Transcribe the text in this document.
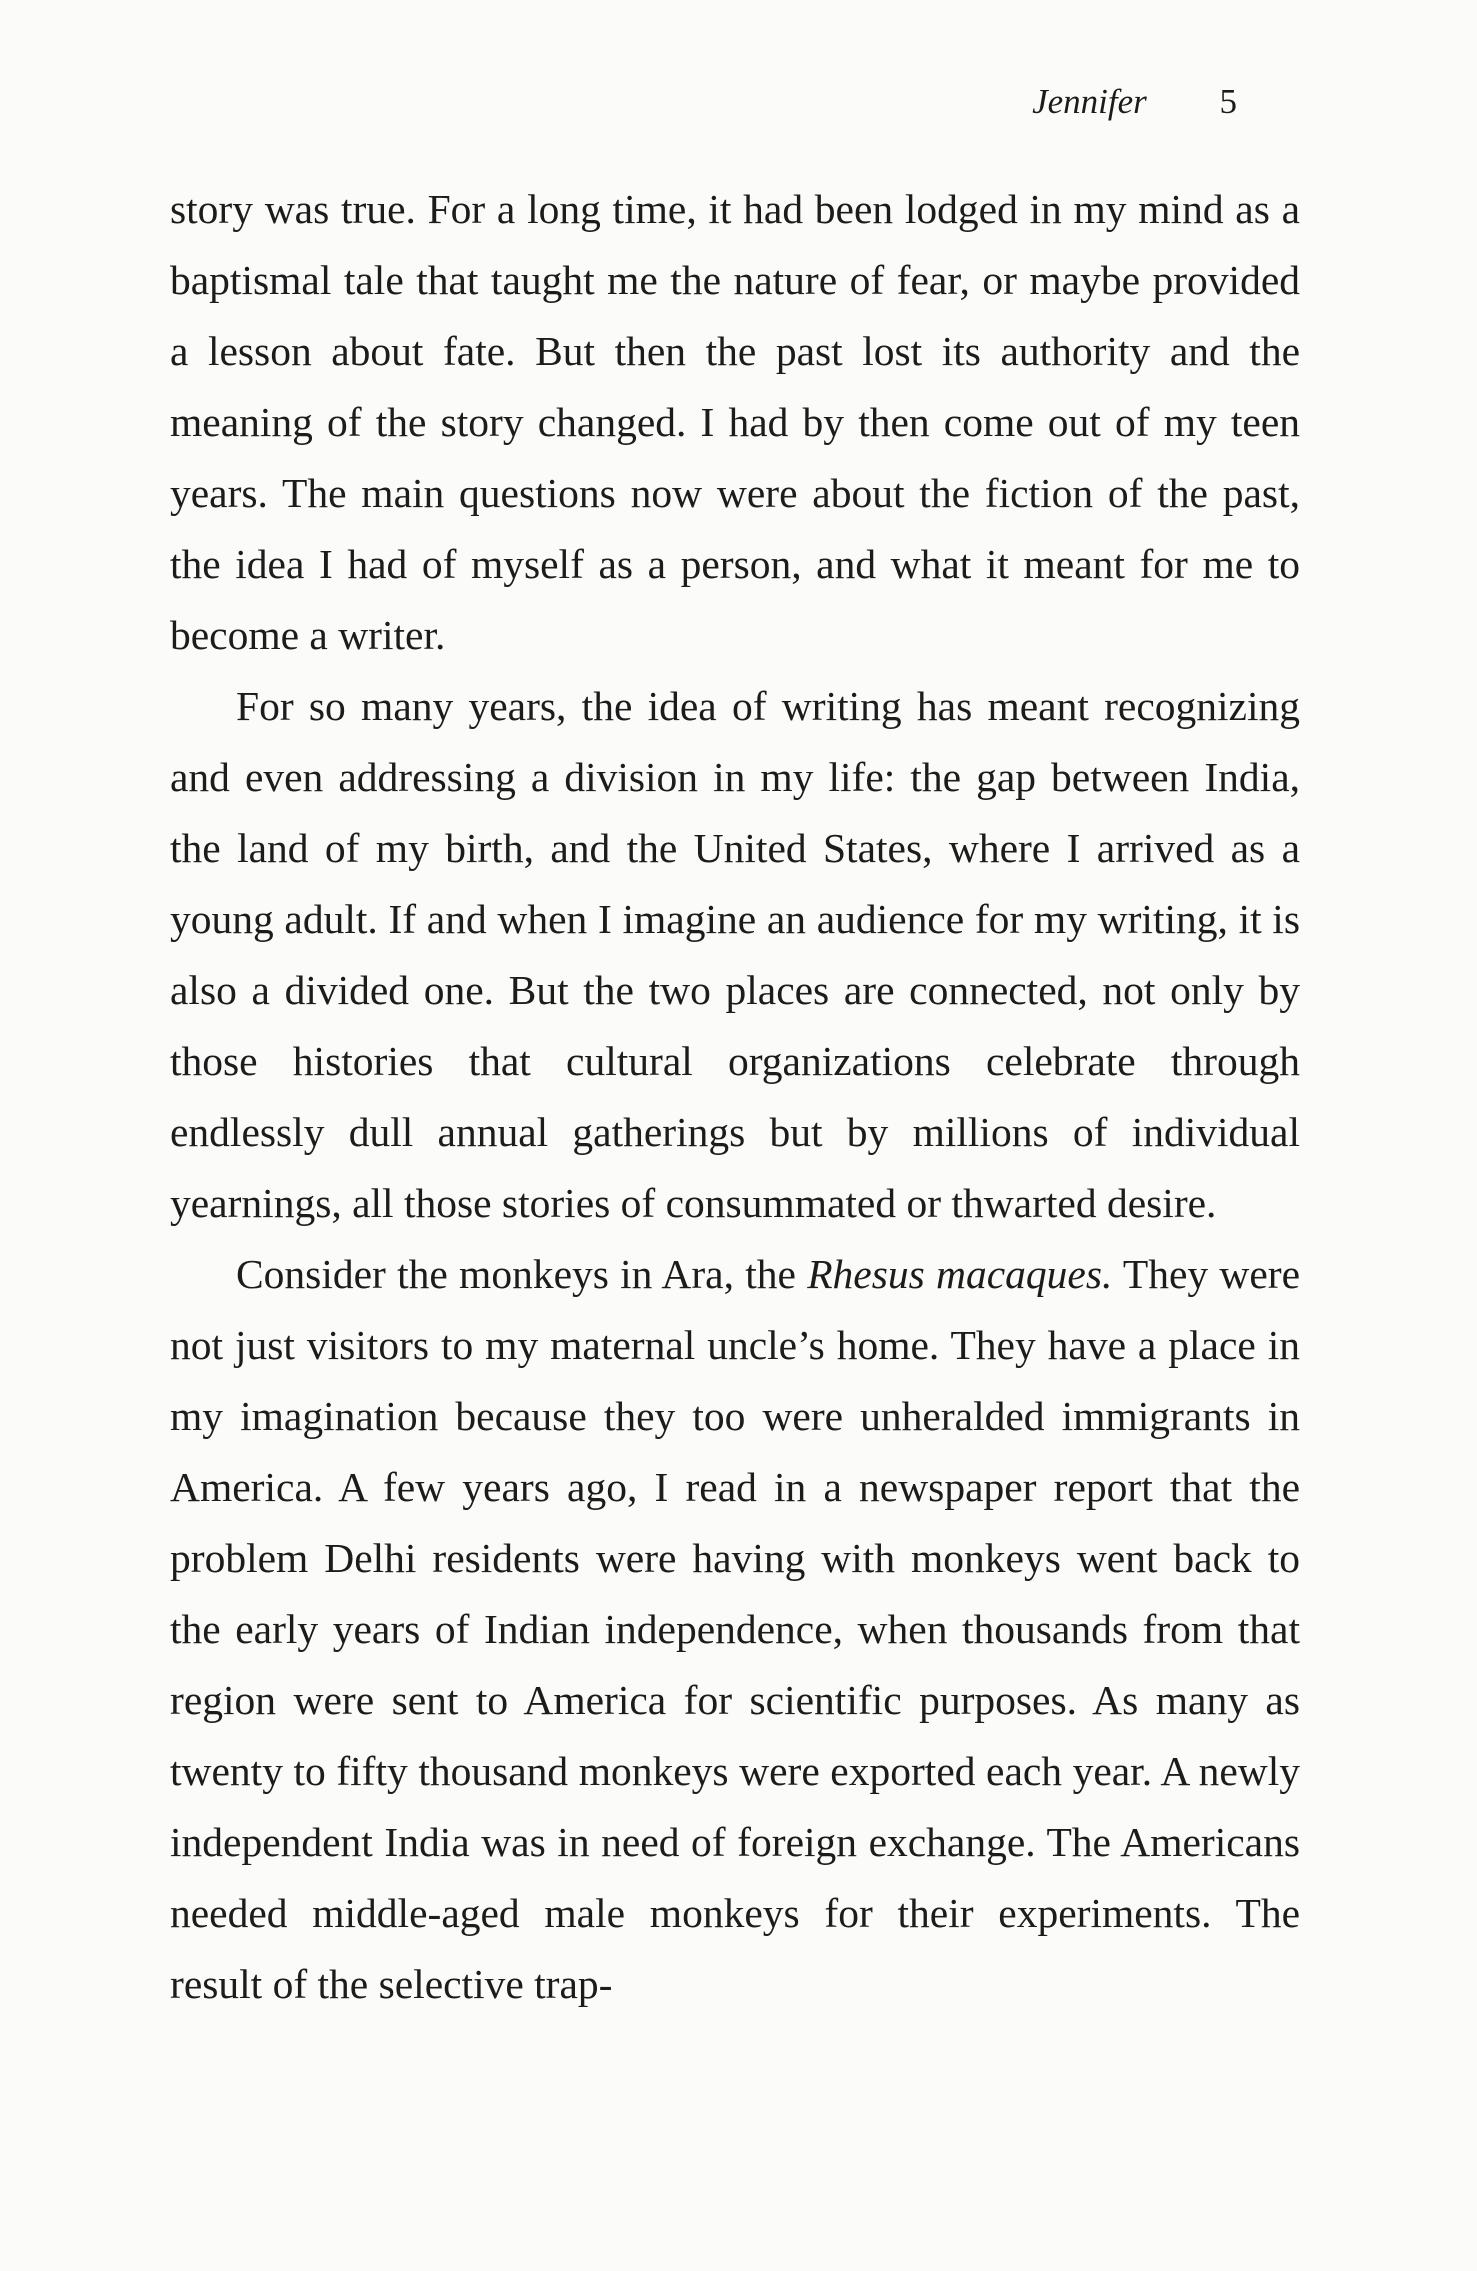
Jennifer 5

story was true. For a long time, it had been lodged in my mind as a baptismal tale that taught me the nature of fear, or maybe provided a lesson about fate. But then the past lost its authority and the meaning of the story changed. I had by then come out of my teen years. The main questions now were about the fiction of the past, the idea I had of myself as a person, and what it meant for me to become a writer.

For so many years, the idea of writing has meant recognizing and even addressing a division in my life: the gap between India, the land of my birth, and the United States, where I arrived as a young adult. If and when I imagine an audience for my writing, it is also a divided one. But the two places are connected, not only by those histories that cultural organizations celebrate through endlessly dull annual gatherings but by millions of individual yearnings, all those stories of consummated or thwarted desire.

Consider the monkeys in Ara, the Rhesus macaques. They were not just visitors to my maternal uncle’s home. They have a place in my imagination because they too were unheralded immigrants in America. A few years ago, I read in a newspaper report that the problem Delhi residents were having with monkeys went back to the early years of Indian independence, when thousands from that region were sent to America for scientific purposes. As many as twenty to fifty thousand monkeys were exported each year. A newly independent India was in need of foreign exchange. The Americans needed middle-aged male monkeys for their experiments. The result of the selective trap-
